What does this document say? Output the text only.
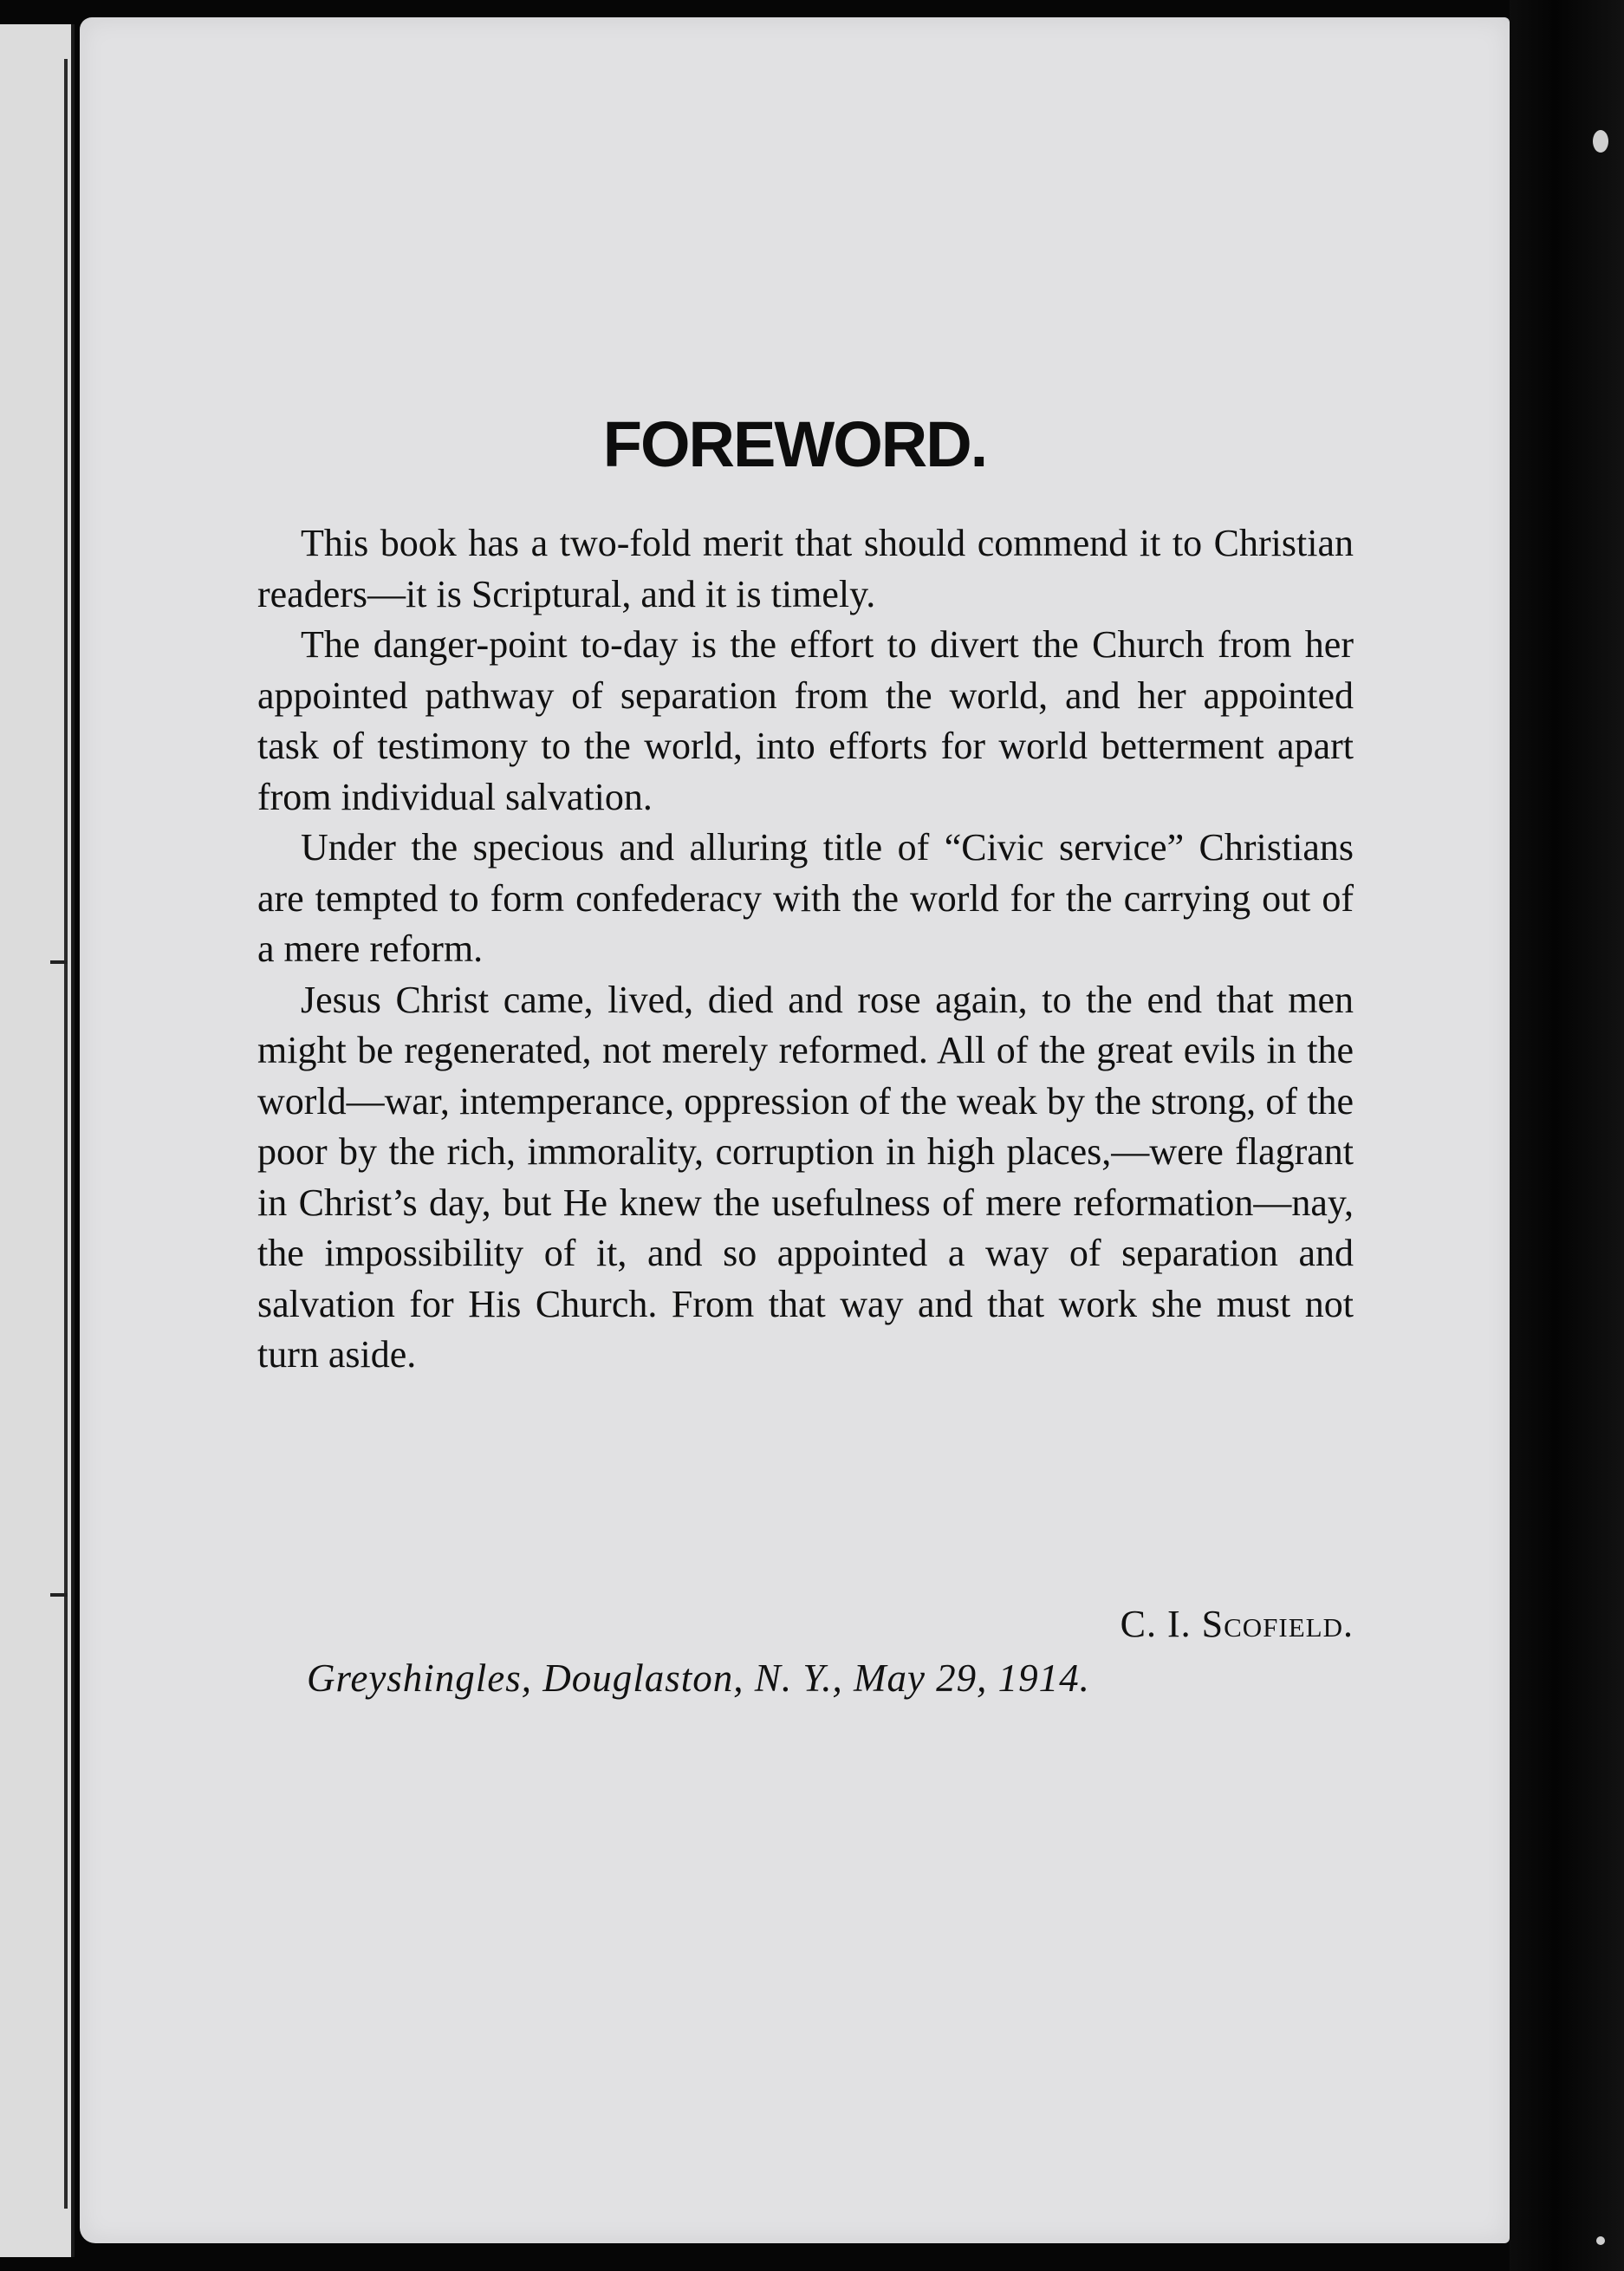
FOREWORD.

This book has a two-fold merit that should commend it to Christian readers—it is Scriptural, and it is timely.

The danger-point to-day is the effort to divert the Church from her appointed pathway of separation from the world, and her appointed task of testimony to the world, into efforts for world betterment apart from individual salvation.

Under the specious and alluring title of “Civic service” Christians are tempted to form confederacy with the world for the carrying out of a mere reform.

Jesus Christ came, lived, died and rose again, to the end that men might be regenerated, not merely reformed. All of the great evils in the world—war, intemperance, oppression of the weak by the strong, of the poor by the rich, immorality, corruption in high places,—were flagrant in Christ’s day, but He knew the usefulness of mere reformation—nay, the impossibility of it, and so appointed a way of separation and salvation for His Church. From that way and that work she must not turn aside.

C. I. Scofield.
Greyshingles, Douglaston, N. Y., May 29, 1914.
